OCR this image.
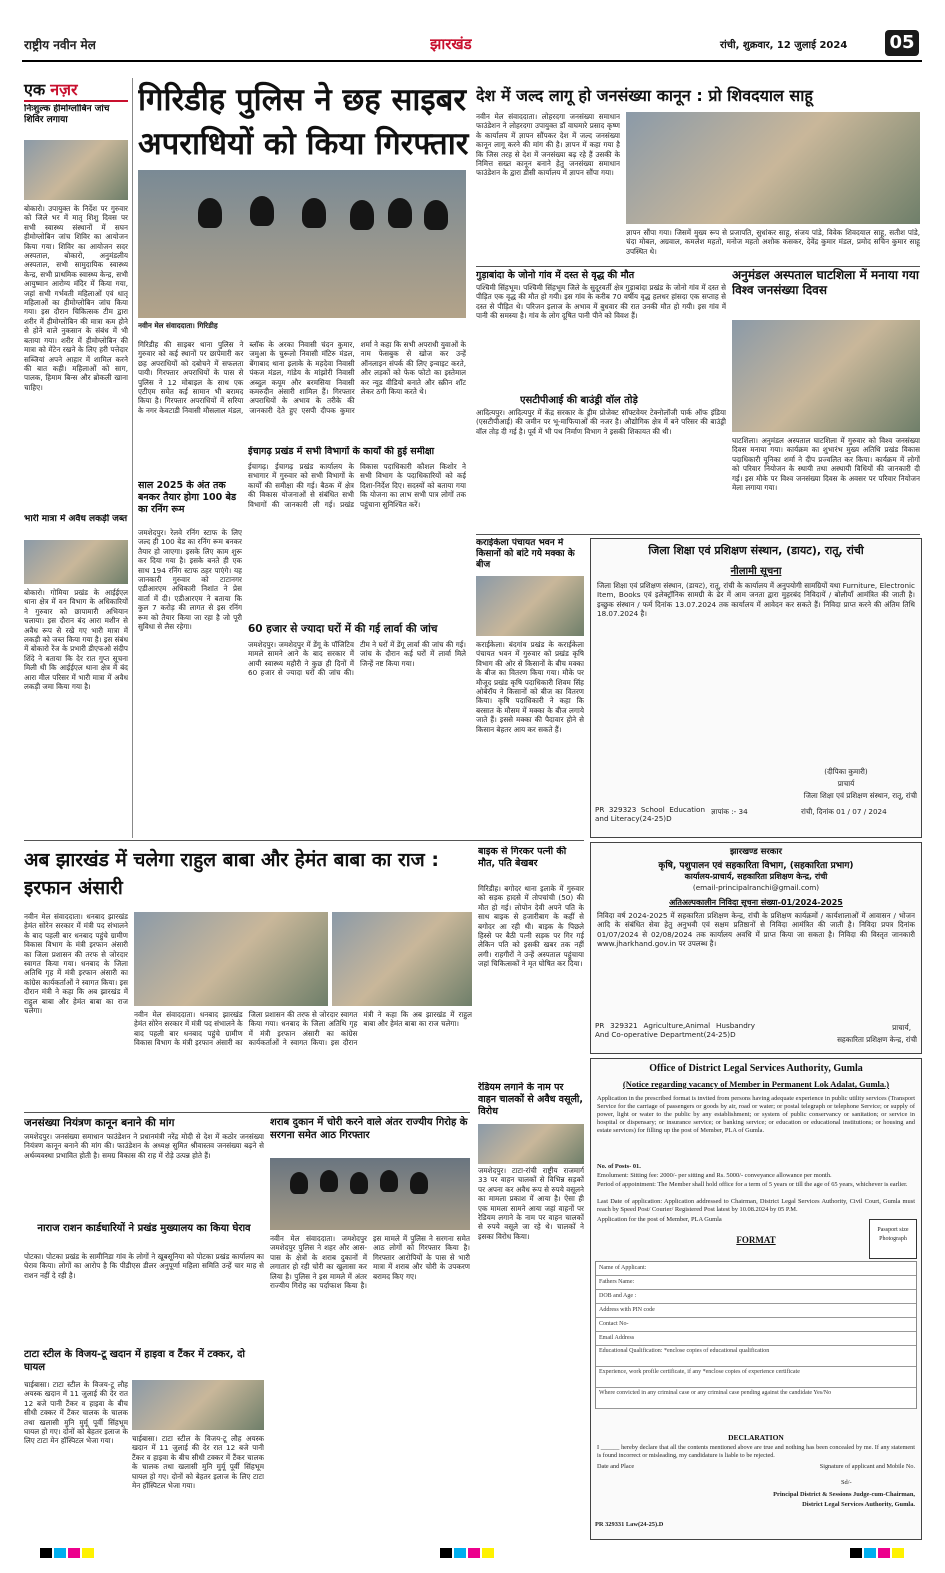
राष्ट्रीय नवीन मेल	झारखंड	रांची, शुक्रवार, 12 जुलाई 2024 05
एक नज़र
निःशुल्क हीमोग्लोबिन जांच शिविर लगाया
बोकारो। उपायुक्त के निर्देश पर गुरुवार को जिले भर में मातृ शिशु दिवस पर सभी स्वास्थ्य संस्थानों में सघन हीमोग्लोबिन जांच शिविर का आयोजन किया गया। शिविर का आयोजन सदर अस्पताल, बोकारो, अनुमंडलीय अस्पताल, सभी सामुदायिक स्वास्थ्य केन्द्र, सभी प्राथमिक स्वास्थ्य केन्द्र, सभी आयुष्मान आरोग्य मंदिर में किया गया, जहां सभी गर्भवती महिलाओं एवं धातृ महिलाओं का हीमोग्लोबिन जांच किया गया। इस दौरान चिकित्सक टीम द्वारा शरीर में हीमोग्लोबिन की मात्रा कम होने से होने वाले नुकसान के संबंध में भी बताया गया। शरीर में हीमोग्लोबिन की मात्रा को मेंटेन रखने के लिए हरी पत्तेदार सब्जियां अपने आहार में शामिल करने की बात कही। महिलाओं को साग, पालक, हिमाम बिन्स और ब्रोकली खाना चाहिए।
भारी मात्रा में अवैध लकड़ी जब्त
बोकारो। गोमिया प्रखंड के आईईएल थाना क्षेत्र में वन विभाग के अधिकारियों ने गुरुवार को छापामारी अभियान चलाया। इस दौरान बंद आरा मशीन से अवैध रूप से रखे गए भारी मात्रा में लकड़ी को जब्त किया गया है। इस संबंध में बोकारो रेंज के प्रभारी डीएफओ संदीप शिंदे ने बताया कि देर रात गुप्त सूचना मिली थी कि आईईएल थाना क्षेत्र में बंद आरा मील परिसर में भारी मात्रा में अवैध लकड़ी जमा किया गया है।
गिरिडीह पुलिस ने छह साइबर अपराधियों को किया गिरफ्तार
नवीन मेल संवाददाता। गिरिडीह
गिरिडीह की साइबर थाना पुलिस ने गुरुवार को कई स्थानों पर छापेमारी कर छह अपराधियों को दबोचने में सफलता पायी। गिरफ्तार अपराधियों के पास से पुलिस ने 12 मोबाइल के साथ एक एटीएम समेत कई सामान भी बरामद किया है। गिरफ्तार अपराधियों में सरिया के नगर केवटाडी निवासी मौसलाल मंडल, ब्लॉक के अरका निवासी चंदन कुमार, जमुआ के चुरूलो निवासी मंटिरु मंडल, बेंगाबाद थाना इलाके के महदेवा निवासी पंकज मंडल, गांडेय के मांझोरी निवासी अब्दुल कयूम और बरमसिया निवासी कमरुदीन अंसारी शामिल हैं। गिरफ्तार अपराधियों के अभाव के तरीके की जानकारी देते हुए एसपी दीपक कुमार शर्मा ने कहा कि सभी अपराधी युवाओं के नाम फेसबुक से खोज कर उन्हें ऑनलाइन संपर्क की लिए इन्वाइट करते, और लड़कों को फेक फोटो का इस्तेमाल कर न्यूड वीडियो बनाते और स्क्रीन शॉट लेकर ठगी किया करते थे।
साल 2025 के अंत तक बनकर तैयार होगा 100 बेड का रनिंग रूम
जमशेदपुर। रेलवे रनिंग स्टाफ के लिए जल्द ही 100 बेड का रनिंग रूम बनकर तैयार हो जाएगा। इसके लिए काम शुरू कर दिया गया है। इसके बनते ही एक साथ 194 रनिंग स्टाफ ठहर पाएंगे। यह जानकारी गुरुवार को टाटानगर एडीआरएम अधिकारी निशांत ने प्रेस वार्ता में दी। एडीआरएम ने बताया कि कुल 7 करोड़ की लागत से इस रनिंग रूम को तैयार किया जा रहा है जो पूरी सुविधा से लैस रहेगा।
ईचागढ़ प्रखंड में सभी विभागों के कार्यों की हुई समीक्षा
ईचागढ़। ईचागढ़ प्रखंड कार्यालय के सभागार में गुरुवार को सभी विभागों के कार्यों की समीक्षा की गई। बैठक में क्षेत्र की विकास योजनाओं से संबंधित सभी विभागों की जानकारी ली गई। प्रखंड विकास पदाधिकारी कौशल किशोर ने सभी विभाग के पदाधिकारियों को कई दिशा-निर्देश दिए। सदस्यों को बताया गया कि योजना का लाभ सभी पात्र लोगों तक पहुंचाना सुनिश्चित करें।
60 हजार से ज्यादा घरों में की गई लार्वा की जांच
जमशेदपुर। जमशेदपुर में डेंगू के पॉजिटिव मामले सामने आने के बाद सरकार में आयी स्वास्थ्य महौरी ने कुछ ही दिनों में 60 हजार से ज्यादा घरों की जांच की। टीम ने घरों में डेंगू लार्वा की जांच की गई। जांच के दौरान कई घरों में लार्वा मिले जिन्हें नष्ट किया गया।
देश में जल्द लागू हो जनसंख्या कानून : प्रो शिवदयाल साहू
नवीन मेल संवाददाता। लोहरदगा जनसंख्या समाधान फाउंडेशन ने लोहरदगा उपायुक्त डॉ वाघमारे प्रसाद कृष्ण के कार्यालय में ज्ञापन सौंपकर देश में जल्द जनसंख्या कानून लागू करने की मांग की है। ज्ञापन में कहा गया है कि जिस तरह से देश में जनसंख्या बढ़ रहे हैं उसकी के निमित्त सख्त कानून बनाने हेतु जनसंख्या समाधान फाउंडेशन के द्वारा डीसी कार्यालय में ज्ञापन सौंपा गया।
ज्ञापन सौंपा गया। जिसमें मुख्य रूप से प्रजापति, सुधांकर साहू, संजय पांडे, विवेक शिवदयाल साहू, सतीश पांडे, चंदा मोबल, अग्रवाल, कमलेश महतो, मनोज महतो अशोक कसकर, देवेंद्र कुमार मंडल, प्रमोद सचिन कुमार साहू उपस्थित थे।
गुड़ाबांदा के जोनो गांव में दस्त से वृद्ध की मौत
पश्चिमी सिंहभूम। पश्चिमी सिंहभूम जिले के सुदूरवर्ती क्षेत्र गुड़ाबांदा प्रखंड के जोनो गांव में दस्त से पीड़ित एक वृद्ध की मौत हो गयी। इस गांव के करीब 70 वर्षीय वृद्ध हलधर हांसदा एक सप्ताह से दस्त से पीड़ित थे। परिजन इलाज के अभाव में बुधवार की रात उनकी मौत हो गयी। इस गांव में पानी की समस्या है। गांव के लोग दूषित पानी पीने को विवश हैं।
एसटीपीआई की बाउंड्री वॉल तोड़े
आदित्यपुर। आदित्यपुर में केंद्र सरकार के ड्रीम प्रोजेक्ट सॉफ्टवेयर टेक्नोलॉजी पार्क ऑफ इंडिया (एसटीपीआई) की जमीन पर भू-माफियाओं की नजर है। औद्योगिक क्षेत्र में बने परिसर की बाउंड्री वॉल तोड़ दी गई है। पूर्व में भी पथ निर्माण विभाग ने इसकी शिकायत की थी।
अनुमंडल अस्पताल घाटशिला में मनाया गया विश्व जनसंख्या दिवस
घाटशिला। अनुमंडल अस्पताल घाटशिला में गुरुवार को विश्व जनसंख्या दिवस मनाया गया। कार्यक्रम का शुभारंभ मुख्य अतिथि प्रखंड विकास पदाधिकारी यूनिका शर्मा ने दीप प्रज्वलित कर किया। कार्यक्रम में लोगों को परिवार नियोजन के स्थायी तथा अस्थायी विधियों की जानकारी दी गई। इस मौके पर विश्व जनसंख्या दिवस के अवसर पर परिवार नियोजन मेला लगाया गया।
कराईकेला पंचायत भवन में किसानों को बांटे गये मक्का के बीज
कराईकेला। बंदगांव प्रखंड के कराईकेला पंचायत भवन में गुरुवार को प्रखंड कृषि विभाग की ओर से किसानों के बीच मक्का के बीज का वितरण किया गया। मौके पर मौजूद प्रखंड कृषि पदाधिकारी शिवम सिंह ओबेरॉय ने किसानों को बीज का वितरण किया। कृषि पदाधिकारी ने कहा कि बरसात के मौसम में मक्का के बीज लगाये जाते हैं। इससे मक्का की पैदावार होने से किसान बेहतर आय कर सकते हैं।
जिला शिक्षा एवं प्रशिक्षण संस्थान, (डायट), रातू, रांची
नीलामी सूचना
जिला शिक्षा एवं प्रशिक्षण संस्थान, (डायट), रातू, रांची के कार्यालय में अनुपयोगी सामग्रियों यथा Furniture, Electronic Item, Books एवं इलेक्ट्रॉनिक सामग्री के ढेर में आम जनता द्वारा मुहरबंद निविदायें / बोलीयाँ आमंत्रित की जाती है। इच्छुक संस्थान / फर्म दिनांक 13.07.2024 तक कार्यालय में आवेदन कर सकते हैं। निविदा प्राप्त करने की अंतिम तिथि 18.07.2024 है।
(दीपिका कुमारी)
प्राचार्य
जिला शिक्षा एवं प्रशिक्षण संस्थान, रातू, रांची
ज्ञापांक :- 34	रांची, दिनांक 01 / 07 / 2024
PR 329323 School Education and Literacy(24-25)D
अब झारखंड में चलेगा राहुल बाबा और हेमंत बाबा का राज : इरफान अंसारी
नवीन मेल संवाददाता। धनबाद झारखंड हेमंत सोरेन सरकार में मंत्री पद संभालने के बाद पहली बार धनबाद पहुंचे ग्रामीण विकास विभाग के मंत्री इरफान अंसारी का जिला प्रशासन की तरफ से जोरदार स्वागत किया गया। धनबाद के जिला अतिथि गृह में मंत्री इरफान अंसारी का कांग्रेस कार्यकर्ताओं ने स्वागत किया। इस दौरान मंत्री ने कहा कि अब झारखंड में राहुल बाबा और हेमंत बाबा का राज चलेगा।	नवीन मेल संवाददाता। धनबाद झारखंड हेमंत सोरेन सरकार में मंत्री पद संभालने के बाद पहली बार धनबाद पहुंचे ग्रामीण विकास विभाग के मंत्री इरफान अंसारी का जिला प्रशासन की तरफ से जोरदार स्वागत किया गया। धनबाद के जिला अतिथि गृह में मंत्री इरफान अंसारी का कांग्रेस कार्यकर्ताओं ने स्वागत किया। इस दौरान मंत्री ने कहा कि अब झारखंड में राहुल बाबा और हेमंत बाबा का राज चलेगा।
बाइक से गिरकर पत्नी की मौत, पति बेखबर
गिरिडीह। बगोदर थाना इलाके में गुरुवार को सड़क हादसे में तोपचांची (50) की मौत हो गई। लोपोन देवी अपने पति के साथ बाइक से हजारीबाग के कहीं से बगोदर आ रही थी। बाइक के पिछले हिस्से पर बैठी पत्नी सड़क पर गिर गई लेकिन पति को इसकी खबर तक नहीं लगी। राहगीरों ने उन्हें अस्पताल पहुंचाया जहां चिकित्सकों ने मृत घोषित कर दिया।
रेडियम लगाने के नाम पर वाहन चालकों से अवैध वसूली, विरोध
जमशेदपुर। टाटा-रांची राष्ट्रीय राजमार्ग 33 पर वाहन चालकों से विभिन्न सड़कों पर अपना कर अवैध रूप से रुपये वसूलने का मामला प्रकाश में आया है। ऐसा ही एक मामला सामने आया जहां वाहनों पर रेडियम लगाने के नाम पर वाहन चालकों से रुपये वसूले जा रहे थे। चालकों ने इसका विरोध किया।
जनसंख्या नियंत्रण कानून बनाने की मांग
जमशेदपुर। जनसंख्या समाधान फाउंडेशन ने प्रधानमंत्री नरेंद्र मोदी से देश में कठोर जनसंख्या नियंत्रण कानून बनाने की मांग की। फाउंडेशन के अध्यक्ष सुमित श्रीवास्तव जनसंख्या बढ़ने से अर्थव्यवस्था प्रभावित होती है। समग्र विकास की राह में रोड़े उत्पन्न होते हैं।
नाराज राशन कार्डधारियों ने प्रखंड मुख्यालय का किया घेराव
पोटका। पोटका प्रखंड के सामीनिडा गांव के लोगों ने खूबसूनिया को पोटका प्रखंड कार्यालय का घेराव किया। लोगों का आरोप है कि पीडीएस डीलर अनुपूर्णा महिला समिति उन्हें चार माह से राशन नहीं दे रही है।
टाटा स्टील के विजय-टू खदान में हाइवा व टैंकर में टक्कर, दो घायल
चाईबासा। टाटा स्टील के विजय-टू लौह अयस्क खदान में 11 जुलाई की देर रात 12 बजे पानी टैंकर व हाइवा के बीच सीधी टक्कर में टैंकर चालक के चालक तथा खलासी मुनि मुर्मू पूर्वी सिंहभूम घायल हो गए। दोनों को बेहतर इलाज के लिए टाटा मेन हॉस्पिटल भेजा गया।	चाईबासा। टाटा स्टील के विजय-टू लौह अयस्क खदान में 11 जुलाई की देर रात 12 बजे पानी टैंकर व हाइवा के बीच सीधी टक्कर में टैंकर चालक के चालक तथा खलासी मुनि मुर्मू पूर्वी सिंहभूम घायल हो गए। दोनों को बेहतर इलाज के लिए टाटा मेन हॉस्पिटल भेजा गया।
शराब दुकान में चोरी करने वाले अंतर राज्यीय गिरोह के सरगना समेत आठ गिरफ्तार
नवीन मेल संवाददाता। जमशेदपुर जमशेदपुर पुलिस ने शहर और आस-पास के क्षेत्रों के शराब दुकानों में लगातार हो रही चोरी का खुलासा कर लिया है। पुलिस ने इस मामले में अंतर राज्यीय गिरोह का पर्दाफाश किया है। इस मामले में पुलिस ने सरगना समेत आठ लोगों को गिरफ्तार किया है। गिरफ्तार आरोपियों के पास से भारी मात्रा में शराब और चोरी के उपकरण बरामद किए गए।
झारखण्ड सरकार
कृषि, पशुपालन एवं सहकारिता विभाग, (सहकारिता प्रभाग)
कार्यालय-प्राचार्य, सहकारिता प्रशिक्षण केन्द्र, रांची
(email-principalranchi@gmail.com)
अतिअल्पकालीन निविदा सूचना संख्या-01/2024-2025
निविदा वर्ष 2024-2025 में सहकारिता प्रशिक्षण केन्द्र, रांची के प्रशिक्षण कार्यक्रमों / कार्यशालाओं में आवासन / भोजन आदि के संबंधित सेवा हेतु अनुभवी एवं सक्षम प्रतिष्ठानों से निविदा आमंत्रित की जाती है। निविदा प्रपत्र दिनांक 01/07/2024 से 02/08/2024 तक कार्यालय अवधि में प्राप्त किया जा सकता है। निविदा की विस्तृत जानकारी www.jharkhand.gov.in पर उपलब्ध है।
PR 329321 Agriculture,Animal Husbandry And Co-operative Department(24-25)D
प्राचार्य,
सहकारिता प्रशिक्षण केन्द्र, रांची
Office of District Legal Services Authority, Gumla
(Notice regarding vacancy of Member in Permanent Lok Adalat, Gumla.)
Application in the prescribed format is invited from persons having adequate experience in public utility services (Transport Service for the carriage of passengers or goods by air, road or water; or postal telegraph or telephone Service; or supply of power, light or water to the public by any establishment; or system of public conservancy or sanitation; or service in hospital or dispensary; or insurance service; or banking service; or education or educational institutions; or housing and estate services) for filling up the post of Member, PLA of Gumla.
No. of Posts- 01.
Emolument: Sitting fee: 2000/- per sitting and Rs. 5000/- conveyance allowance per month.
Period of appointment: The Member shall hold office for a term of 5 years or till the age of 65 years, whichever is earlier.
Last Date of application: Application addressed to Chairman, District Legal Services Authority, Civil Court, Gumla must reach by Speed Post/ Courier/ Registered Post latest by 10.08.2024 by 05 P.M.
Application for the post of Member, PLA Gumla
FORMAT
Passport size Photograph
Name of Applicant:
Fathers Name:
DOB and Age :
Address with PIN code
Contact No-
Email Address
Educational Qualification: *enclose copies of educational qualification
Experience, work profile certificate, if any *enclose copies of experience certificate
Where convicted in any criminal case or any criminal case pending against the candidate Yes/No
DECLARATION
I ______ hereby declare that all the contents mentioned above are true and nothing has been concealed by me. If any statement is found incorrect or misleading, my candidature is liable to be rejected.
Date and Place	Signature of applicant and Mobile No.
Sd/-
Principal District & Sessions Judge-cum-Chairman,
District Legal Services Authority, Gumla.
PR 329331 Law(24-25).D
